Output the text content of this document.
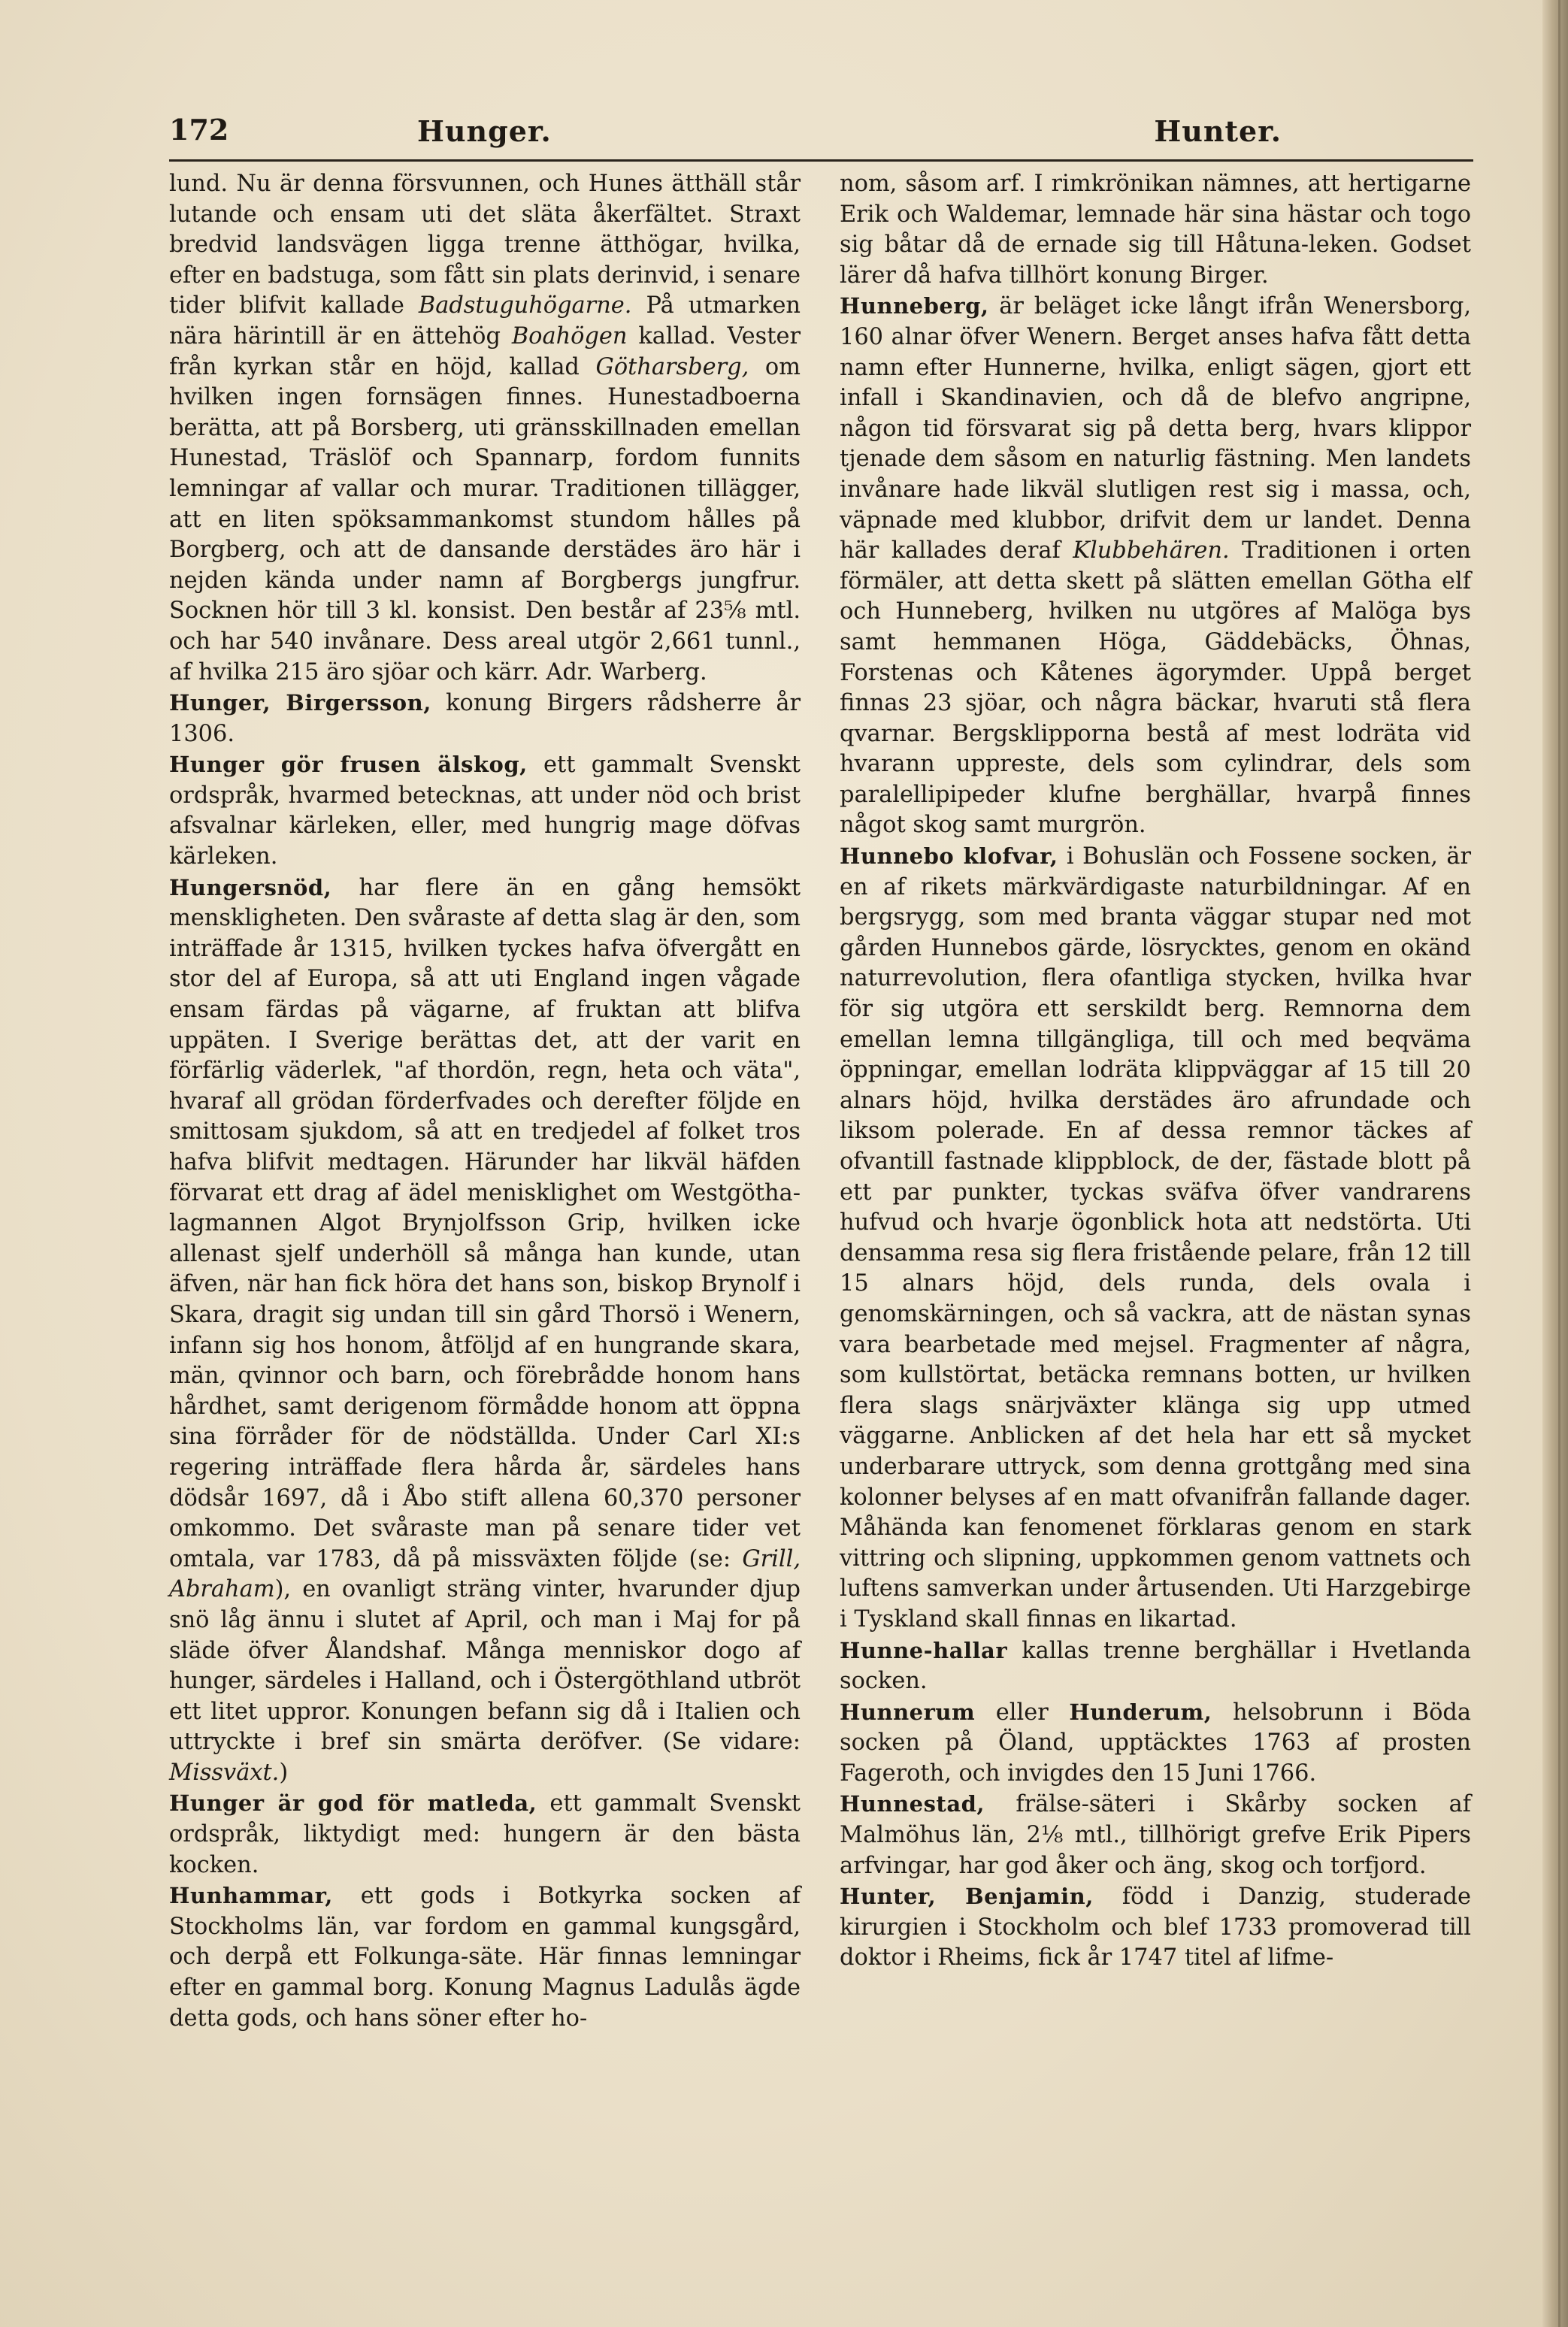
172	Hunger.	Hunter.

lund. Nu är denna försvunnen, och Hunes ätthäll står lutande och ensam uti det släta åkerfältet. Straxt bredvid landsvägen ligga trenne ätthögar, hvilka, efter en badstuga, som fått sin plats derinvid, i senare tider blifvit kallade Badstuguhögarne. På utmarken nära härintill är en ättehög Boahögen kallad. Vester från kyrkan står en höjd, kallad Götharsberg, om hvilken ingen fornsägen finnes. Hunestadboerna berätta, att på Borsberg, uti gränsskillnaden emellan Hunestad, Träslöf och Spannarp, fordom funnits lemningar af vallar och murar. Traditionen tillägger, att en liten spöksammankomst stundom hålles på Borgberg, och att de dansande derstädes äro här i nejden kända under namn af Borgbergs jungfrur. Socknen hör till 3 kl. konsist. Den består af 23⅝ mtl. och har 540 invånare. Dess areal utgör 2,661 tunnl., af hvilka 215 äro sjöar och kärr. Adr. Warberg.

Hunger, Birgersson, konung Birgers rådsherre år 1306.

Hunger gör frusen älskog, ett gammalt Svenskt ordspråk, hvarmed betecknas, att under nöd och brist afsvalnar kärleken, eller, med hungrig mage döfvas kärleken.

Hungersnöd, har flere än en gång hemsökt menskligheten. Den svåraste af detta slag är den, som inträffade år 1315, hvilken tyckes hafva öfvergått en stor del af Europa, så att uti England ingen vågade ensam färdas på vägarne, af fruktan att blifva uppäten. I Sverige berättas det, att der varit en förfärlig väderlek, "af thordön, regn, heta och väta", hvaraf all grödan förderfvades och derefter följde en smittosam sjukdom, så att en tredjedel af folket tros hafva blifvit medtagen. Härunder har likväl häfden förvarat ett drag af ädel menisklighet om Westgötha-lagmannen Algot Brynjolfsson Grip, hvilken icke allenast sjelf underhöll så många han kunde, utan äfven, när han fick höra det hans son, biskop Brynolf i Skara, dragit sig undan till sin gård Thorsö i Wenern, infann sig hos honom, åtföljd af en hungrande skara, män, qvinnor och barn, och förebrådde honom hans hårdhet, samt derigenom förmådde honom att öppna sina förråder för de nödställda. Under Carl XI:s regering inträffade flera hårda år, särdeles hans dödsår 1697, då i Åbo stift allena 60,370 personer omkommo. Det svåraste man på senare tider vet omtala, var 1783, då på missväxten följde (se: Grill, Abraham), en ovanligt sträng vinter, hvarunder djup snö låg ännu i slutet af April, och man i Maj for på släde öfver Ålandshaf. Många menniskor dogo af hunger, särdeles i Halland, och i Östergöthland utbröt ett litet uppror. Konungen befann sig då i Italien och uttryckte i bref sin smärta deröfver. (Se vidare: Missväxt.)

Hunger är god för matleda, ett gammalt Svenskt ordspråk, liktydigt med: hungern är den bästa kocken.

Hunhammar, ett gods i Botkyrka socken af Stockholms län, var fordom en gammal kungsgård, och derpå ett Folkunga-säte. Här finnas lemningar efter en gammal borg. Konung Magnus Ladulås ägde detta gods, och hans söner efter ho-

nom, såsom arf. I rimkrönikan nämnes, att hertigarne Erik och Waldemar, lemnade här sina hästar och togo sig båtar då de ernade sig till Håtuna-leken. Godset lärer då hafva tillhört konung Birger.

Hunneberg, är beläget icke långt ifrån Wenersborg, 160 alnar öfver Wenern. Berget anses hafva fått detta namn efter Hunnerne, hvilka, enligt sägen, gjort ett infall i Skandinavien, och då de blefvo angripne, någon tid försvarat sig på detta berg, hvars klippor tjenade dem såsom en naturlig fästning. Men landets invånare hade likväl slutligen rest sig i massa, och, väpnade med klubbor, drifvit dem ur landet. Denna här kallades deraf Klubbehären. Traditionen i orten förmäler, att detta skett på slätten emellan Götha elf och Hunneberg, hvilken nu utgöres af Malöga bys samt hemmanen Höga, Gäddebäcks, Öhnas, Forstenas och Kåtenes ägorymder. Uppå berget finnas 23 sjöar, och några bäckar, hvaruti stå flera qvarnar. Bergsklipporna bestå af mest lodräta vid hvarann uppreste, dels som cylindrar, dels som paralellipipeder klufne berghällar, hvarpå finnes något skog samt murgrön.

Hunnebo klofvar, i Bohuslän och Fossene socken, är en af rikets märkvärdigaste naturbildningar. Af en bergsrygg, som med branta väggar stupar ned mot gården Hunnebos gärde, lösrycktes, genom en okänd naturrevolution, flera ofantliga stycken, hvilka hvar för sig utgöra ett serskildt berg. Remnorna dem emellan lemna tillgängliga, till och med beqväma öppningar, emellan lodräta klippväggar af 15 till 20 alnars höjd, hvilka derstädes äro afrundade och liksom polerade. En af dessa remnor täckes af ofvantill fastnade klippblock, de der, fästade blott på ett par punkter, tyckas sväfva öfver vandrarens hufvud och hvarje ögonblick hota att nedstörta. Uti densamma resa sig flera fristående pelare, från 12 till 15 alnars höjd, dels runda, dels ovala i genomskärningen, och så vackra, att de nästan synas vara bearbetade med mejsel. Fragmenter af några, som kullstörtat, betäcka remnans botten, ur hvilken flera slags snärjväxter klänga sig upp utmed väggarne. Anblicken af det hela har ett så mycket underbarare uttryck, som denna grottgång med sina kolonner belyses af en matt ofvanifrån fallande dager. Måhända kan fenomenet förklaras genom en stark vittring och slipning, uppkommen genom vattnets och luftens samverkan under årtusenden. Uti Harzgebirge i Tyskland skall finnas en likartad.

Hunne-hallar kallas trenne berghällar i Hvetlanda socken.

Hunnerum eller Hunderum, helsobrunn i Böda socken på Öland, upptäcktes 1763 af prosten Fageroth, och invigdes den 15 Juni 1766.

Hunnestad, frälse-säteri i Skårby socken af Malmöhus län, 2⅛ mtl., tillhörigt grefve Erik Pipers arfvingar, har god åker och äng, skog och torfjord.

Hunter, Benjamin, född i Danzig, studerade kirurgien i Stockholm och blef 1733 promoverad till doktor i Rheims, fick år 1747 titel af lifme-
